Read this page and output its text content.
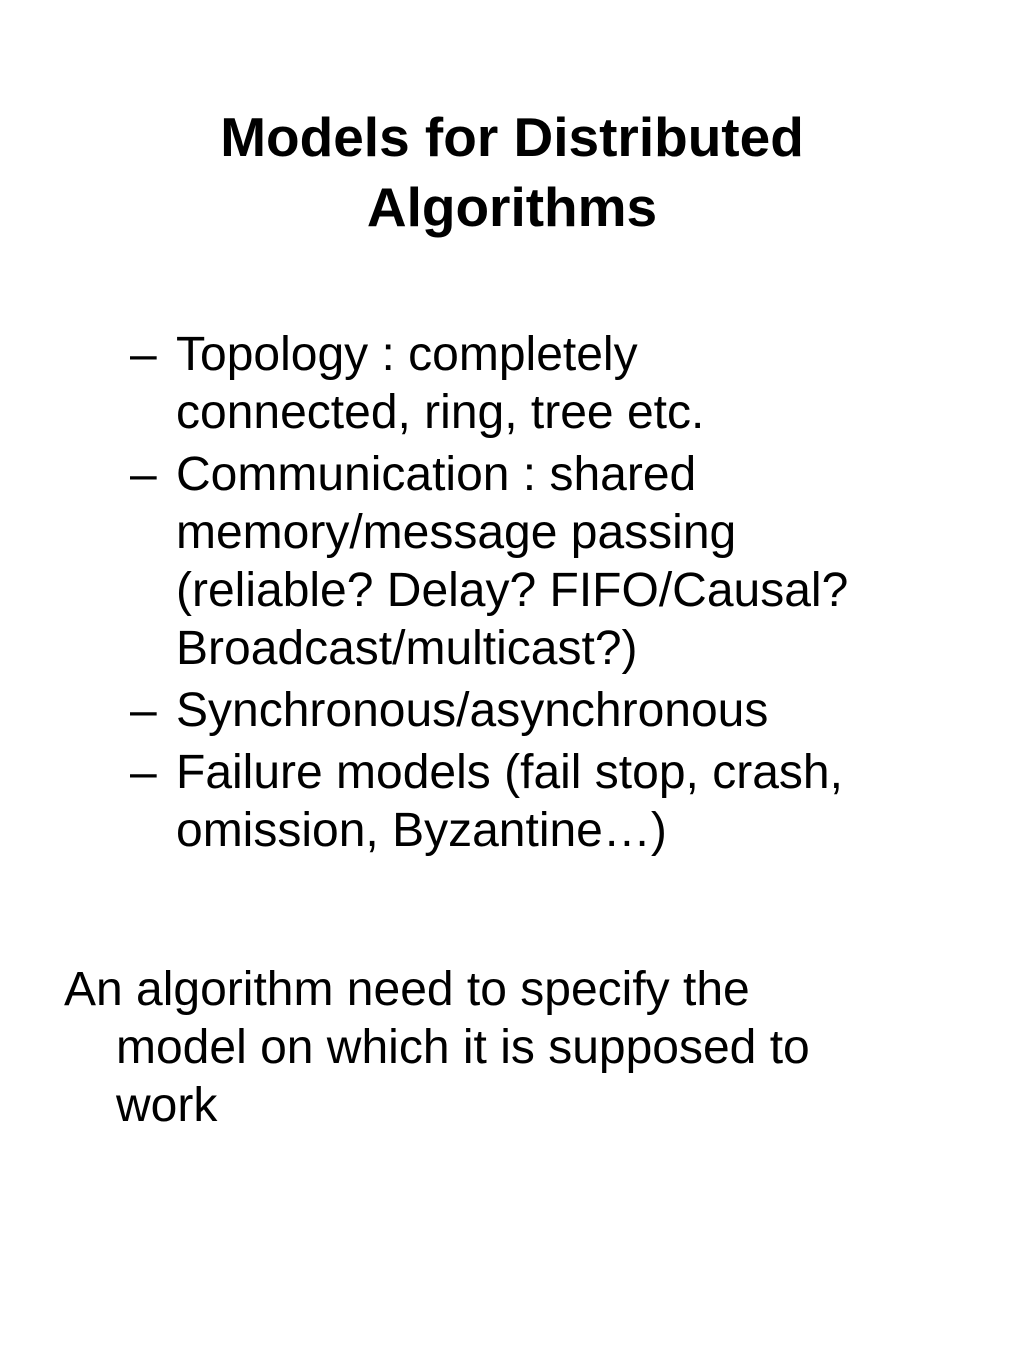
Models for Distributed
Algorithms
– Topology : completely
connected, ring, tree etc.
– Communication : shared
memory/message passing
(reliable? Delay? FIFO/Causal?
Broadcast/multicast?)
– Synchronous/asynchronous
– Failure models (fail stop, crash,
omission, Byzantine…)

An algorithm need to specify the
model on which it is supposed to
work
